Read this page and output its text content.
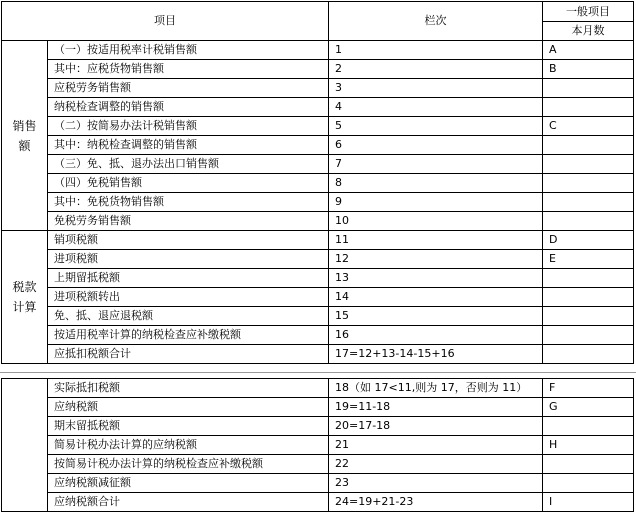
项目		栏次	一般项目
			本月数
销售
额	（一）按适用税率计税销售额	1	A
	其中：应税货物销售额	2	B
	应税劳务销售额	3	
	纳税检查调整的销售额	4	
	（二）按简易办法计税销售额	5	C
	其中：纳税检查调整的销售额	6	
	（三）免、抵、退办法出口销售额	7	
	（四）免税销售额	8	
	其中：免税货物销售额	9	
	免税劳务销售额	10	
税款
计算	销项税额	11	D
	进项税额	12	E
	上期留抵税额	13	
	进项税额转出	14	
	免、抵、退应退税额	15	
	按适用税率计算的纳税检查应补缴税额	16	
	应抵扣税额合计	17=12+13-14-15+16	
	实际抵扣税额	18（如 17<11,则为 17，否则为 11）	F
	应纳税额	19=11-18	G
	期末留抵税额	20=17-18	
	简易计税办法计算的应纳税额	21	H
	按简易计税办法计算的纳税检查应补缴税额	22	
	应纳税额减征额	23	
	应纳税额合计	24=19+21-23	I
